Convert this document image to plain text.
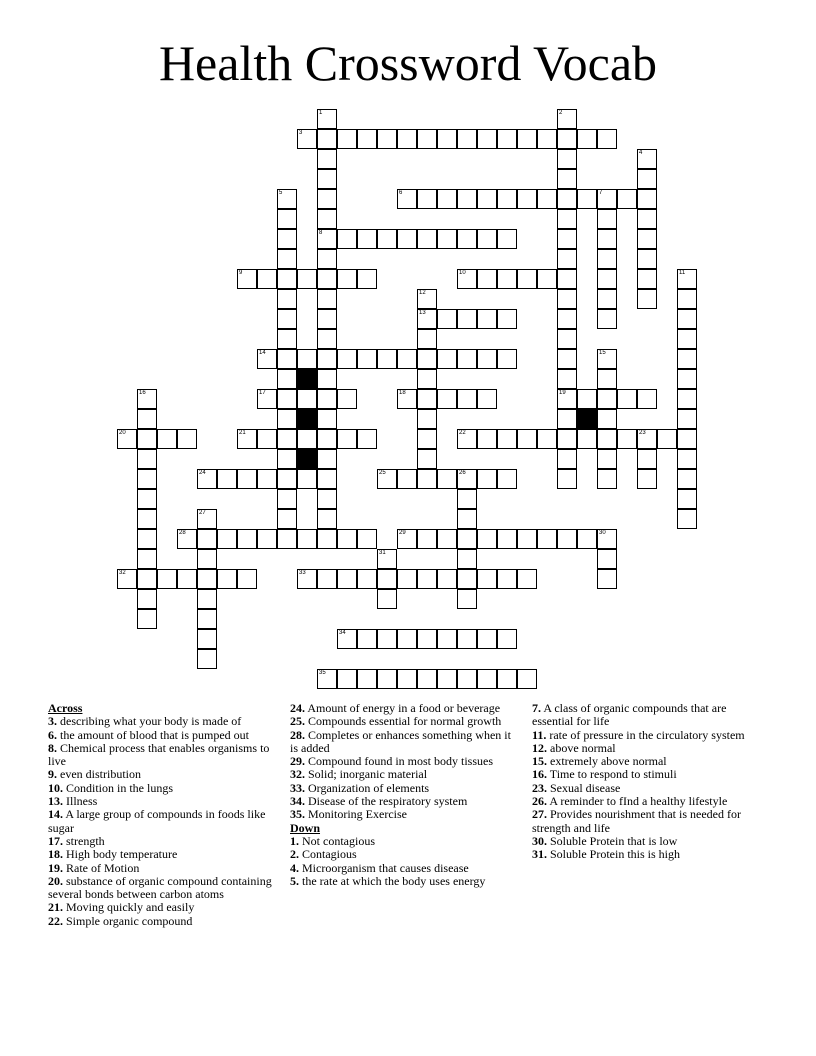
Health Crossword Vocab
1	2
3
4
5	6	7
8
9	10	11
12
13
14	15
16	17	18	19
20	21	22	23
24	25	26
27
28	29	30
31
32	33
34
35
Across
3. describing what your body is made of
6. the amount of blood that is pumped out
8. Chemical process that enables organisms to live
9. even distribution
10. Condition in the lungs
13. Illness
14. A large group of compounds in foods like sugar
17. strength
18. High body temperature
19. Rate of Motion
20. substance of organic compound containing several bonds between carbon atoms
21. Moving quickly and easily
22. Simple organic compound
24. Amount of energy in a food or beverage
25. Compounds essential for normal growth
28. Completes or enhances something when it is added
29. Compound found in most body tissues
32. Solid; inorganic material
33. Organization of elements
34. Disease of the respiratory system
35. Monitoring Exercise
Down
1. Not contagious
2. Contagious
4. Microorganism that causes disease
5. the rate at which the body uses energy
7. A class of organic compounds that are essential for life
11. rate of pressure in the circulatory system
12. above normal
15. extremely above normal
16. Time to respond to stimuli
23. Sexual disease
26. A reminder to fInd a healthy lifestyle
27. Provides nourishment that is needed for strength and life
30. Soluble Protein that is low
31. Soluble Protein this is high
